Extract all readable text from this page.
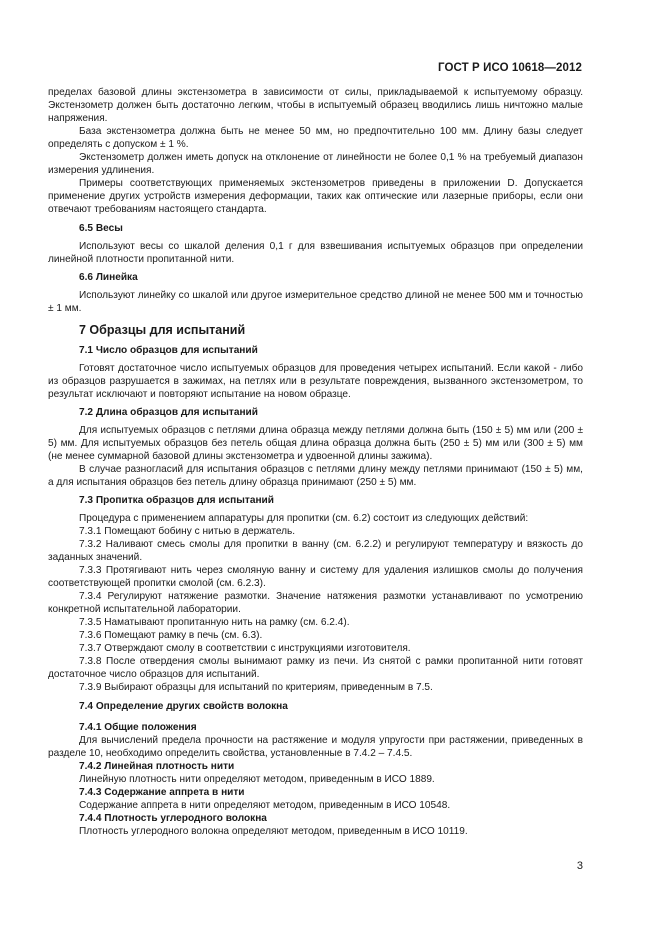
ГОСТ Р ИСО 10618—2012

пределах базовой длины экстензометра в зависимости от силы, прикладываемой к испытуемому образцу. Экстензометр должен быть достаточно легким, чтобы в испытуемый образец вводились лишь ничтожно малые напряжения.

База экстензометра должна быть не менее 50 мм, но предпочтительно 100 мм. Длину базы следует определять с допуском ± 1 %.

Экстензометр должен иметь допуск на отклонение от линейности не более 0,1 % на требуемый диапазон измерения удлинения.

Примеры соответствующих применяемых экстензометров приведены в приложении D. Допускается применение других устройств измерения деформации, таких как оптические или лазерные приборы, если они отвечают требованиям настоящего стандарта.

6.5 Весы

Используют весы со шкалой деления 0,1 г для взвешивания испытуемых образцов при определении линейной плотности пропитанной нити.

6.6 Линейка

Используют линейку со шкалой или другое измерительное средство длиной не менее 500 мм и точностью ± 1 мм.

7 Образцы для испытаний
7.1 Число образцов для испытаний

Готовят достаточное число испытуемых образцов для проведения четырех испытаний. Если какой - либо из образцов разрушается в зажимах, на петлях или в результате повреждения, вызванного экстензометром, то результат исключают и повторяют испытание на новом образце.

7.2 Длина образцов для испытаний

Для испытуемых образцов с петлями длина образца между петлями должна быть (150 ± 5) мм или (200 ± 5) мм. Для испытуемых образцов без петель общая длина образца должна быть (250 ± 5) мм или (300 ± 5) мм (не менее суммарной базовой длины экстензометра и удвоенной длины зажима).

В случае разногласий для испытания образцов с петлями длину между петлями принимают (150 ± 5) мм, а для испытания образцов без петель длину образца принимают (250 ± 5) мм.

7.3 Пропитка образцов для испытаний

Процедура с применением аппаратуры для пропитки (см. 6.2) состоит из следующих действий:

7.3.1 Помещают бобину с нитью в держатель.

7.3.2 Наливают смесь смолы для пропитки в ванну (см. 6.2.2) и регулируют температуру и вязкость до заданных значений.

7.3.3 Протягивают нить через смоляную ванну и систему для удаления излишков смолы до получения соответствующей пропитки смолой (см. 6.2.3).

7.3.4 Регулируют натяжение размотки. Значение натяжения размотки устанавливают по усмотрению конкретной испытательной лаборатории.

7.3.5 Наматывают пропитанную нить на рамку (см. 6.2.4).

7.3.6 Помещают рамку в печь (см. 6.3).

7.3.7 Отверждают смолу в соответствии с инструкциями изготовителя.

7.3.8 После отвердения смолы вынимают рамку из печи. Из снятой с рамки пропитанной нити готовят достаточное число образцов для испытаний.

7.3.9 Выбирают образцы для испытаний по критериям, приведенным в 7.5.

7.4 Определение других свойств волокна
7.4.1 Общие положения

Для вычислений предела прочности на растяжение и модуля упругости при растяжении, приведенных в разделе 10, необходимо определить свойства, установленные в 7.4.2 – 7.4.5.

7.4.2 Линейная плотность нити

Линейную плотность нити определяют методом, приведенным в ИСО 1889.

7.4.3 Содержание аппрета в нити

Содержание аппрета в нити определяют методом, приведенным в ИСО 10548.

7.4.4 Плотность углеродного волокна

Плотность углеродного волокна определяют методом, приведенным в ИСО 10119.

3
